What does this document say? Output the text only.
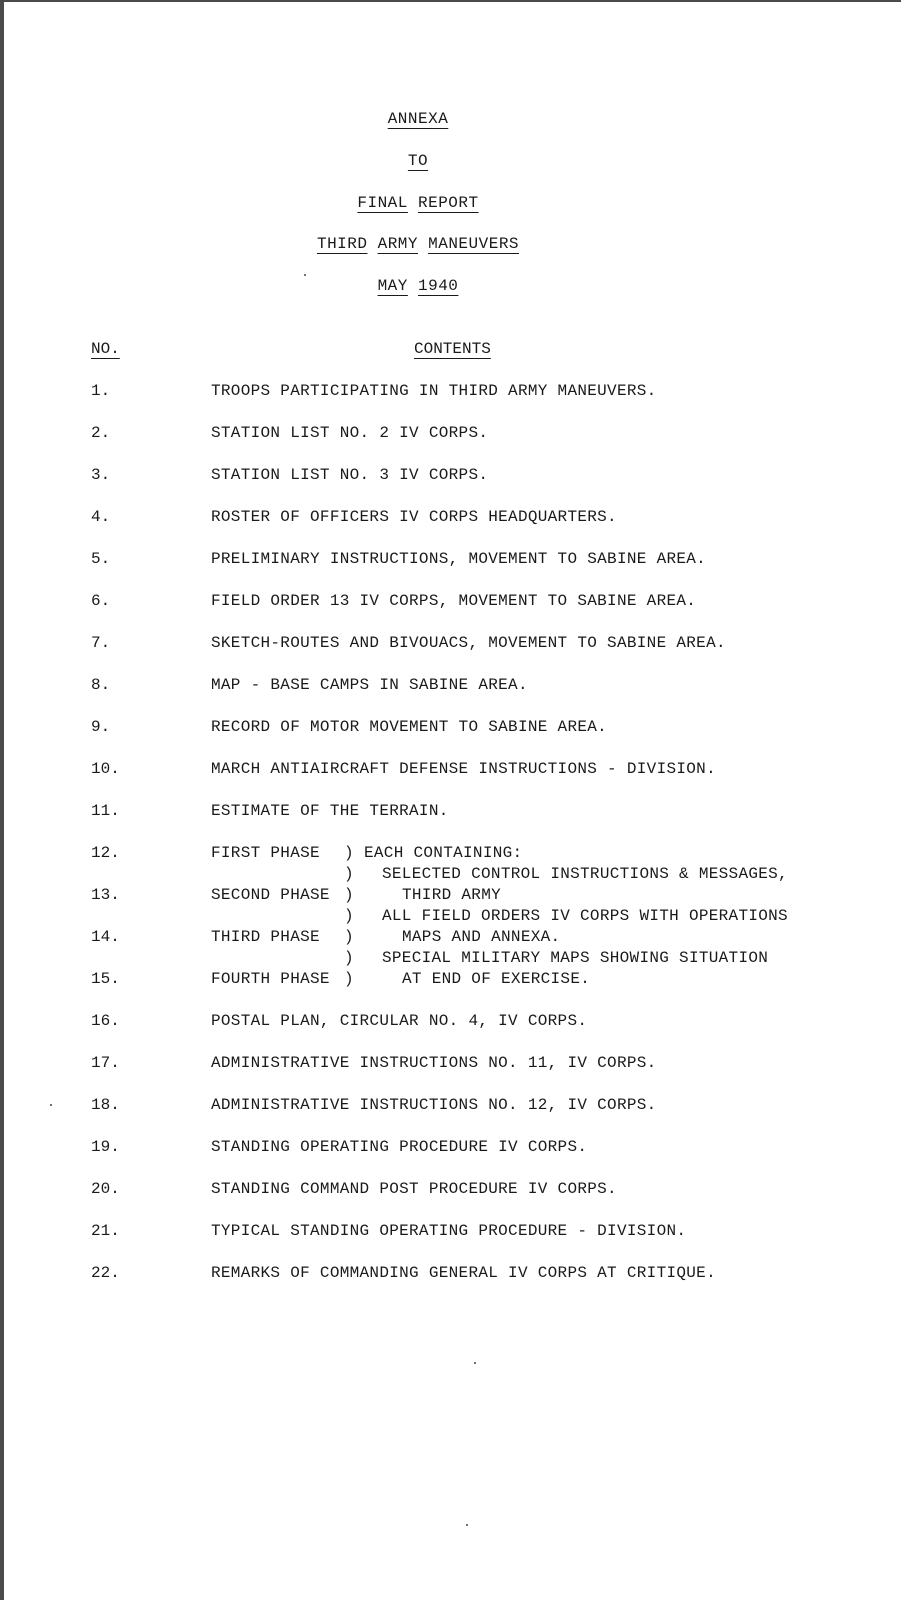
ANNEXA
TO
FINAL REPORT
THIRD ARMY MANEUVERS
MAY 1940
NO.	CONTENTS
1.	TROOPS PARTICIPATING IN THIRD ARMY MANEUVERS.
2.	STATION LIST NO. 2 IV CORPS.
3.	STATION LIST NO. 3 IV CORPS.
4.	ROSTER OF OFFICERS IV CORPS HEADQUARTERS.
5.	PRELIMINARY INSTRUCTIONS, MOVEMENT TO SABINE AREA.
6.	FIELD ORDER 13 IV CORPS, MOVEMENT TO SABINE AREA.
7.	SKETCH-ROUTES AND BIVOUACS, MOVEMENT TO SABINE AREA.
8.	MAP - BASE CAMPS IN SABINE AREA.
9.	RECORD OF MOTOR MOVEMENT TO SABINE AREA.
10.	MARCH ANTIAIRCRAFT DEFENSE INSTRUCTIONS - DIVISION.
11.	ESTIMATE OF THE TERRAIN.
12.	FIRST PHASE ) EACH CONTAINING:
) SELECTED CONTROL INSTRUCTIONS & MESSAGES,
13.	SECOND PHASE )	THIRD ARMY
) ALL FIELD ORDERS IV CORPS WITH OPERATIONS
14.	THIRD PHASE )	MAPS AND ANNEXA.
) SPECIAL MILITARY MAPS SHOWING SITUATION
15.	FOURTH PHASE )	AT END OF EXERCISE.
16.	POSTAL PLAN, CIRCULAR NO. 4, IV CORPS.
17.	ADMINISTRATIVE INSTRUCTIONS NO. 11, IV CORPS.
18.	ADMINISTRATIVE INSTRUCTIONS NO. 12, IV CORPS.
19.	STANDING OPERATING PROCEDURE IV CORPS.
20.	STANDING COMMAND POST PROCEDURE IV CORPS.
21.	TYPICAL STANDING OPERATING PROCEDURE - DIVISION.
22.	REMARKS OF COMMANDING GENERAL IV CORPS AT CRITIQUE.
